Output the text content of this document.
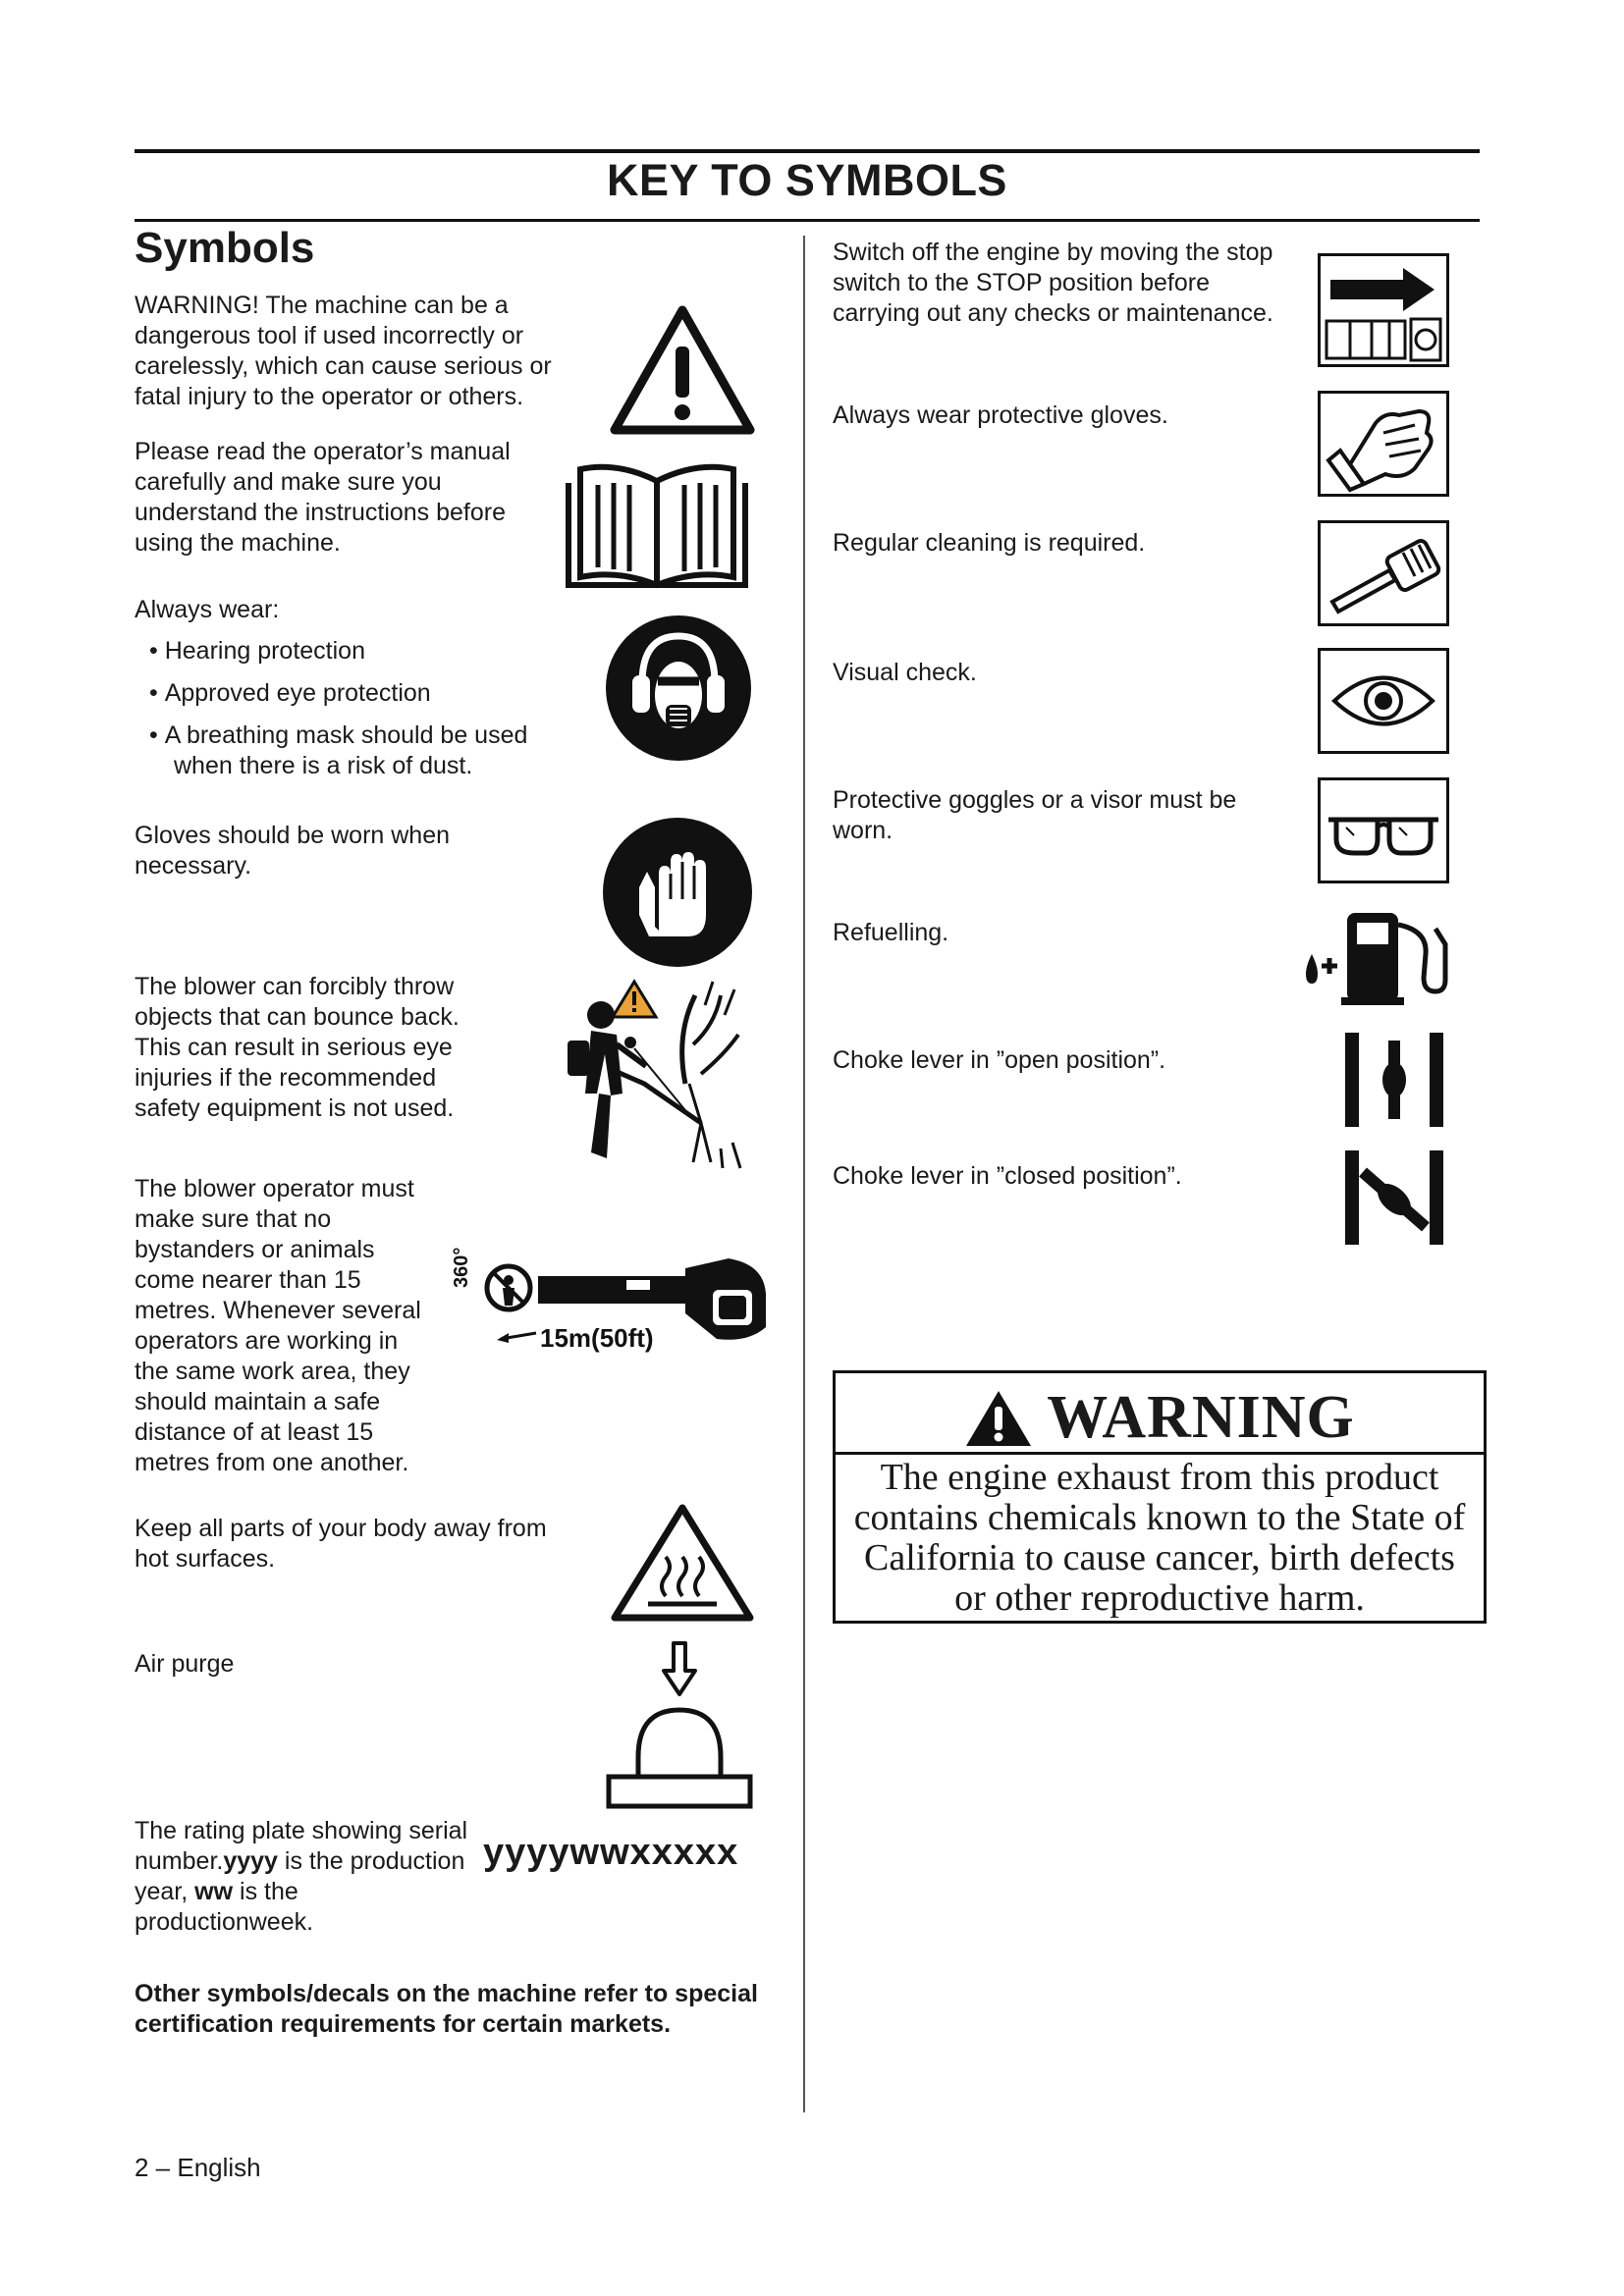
KEY TO SYMBOLS
Symbols

WARNING! The machine can be a dangerous tool if used incorrectly or carelessly, which can cause serious or fatal injury to the operator or others.

Please read the operator’s manual carefully and make sure you understand the instructions before using the machine.

Always wear:

• Hearing protection

• Approved eye protection

• A breathing mask should be used when there is a risk of dust.

Gloves should be worn when necessary.

The blower can forcibly throw objects that can bounce back. This can result in serious eye injuries if the recommended safety equipment is not used.

The blower operator must make sure that no bystanders or animals come nearer than 15 metres. Whenever several operators are working in the same work area, they should maintain a safe distance of at least 15 metres from one another.

360°
15m(50ft)

Keep all parts of your body away from hot surfaces.

Air purge

The rating plate showing serial number.yyyy is the production year, ww is the productionweek.

yyyywwxxxxx

Other symbols/decals on the machine refer to special certification requirements for certain markets.

Switch off the engine by moving the stop switch to the STOP position before carrying out any checks or maintenance.

Always wear protective gloves.

Regular cleaning is required.

Visual check.

Protective goggles or a visor must be worn.

Refuelling.

Choke lever in ”open position”.

Choke lever in ”closed position”.

WARNING
The engine exhaust from this product contains chemicals known to the State of California to cause cancer, birth defects or other reproductive harm.
2 – English
